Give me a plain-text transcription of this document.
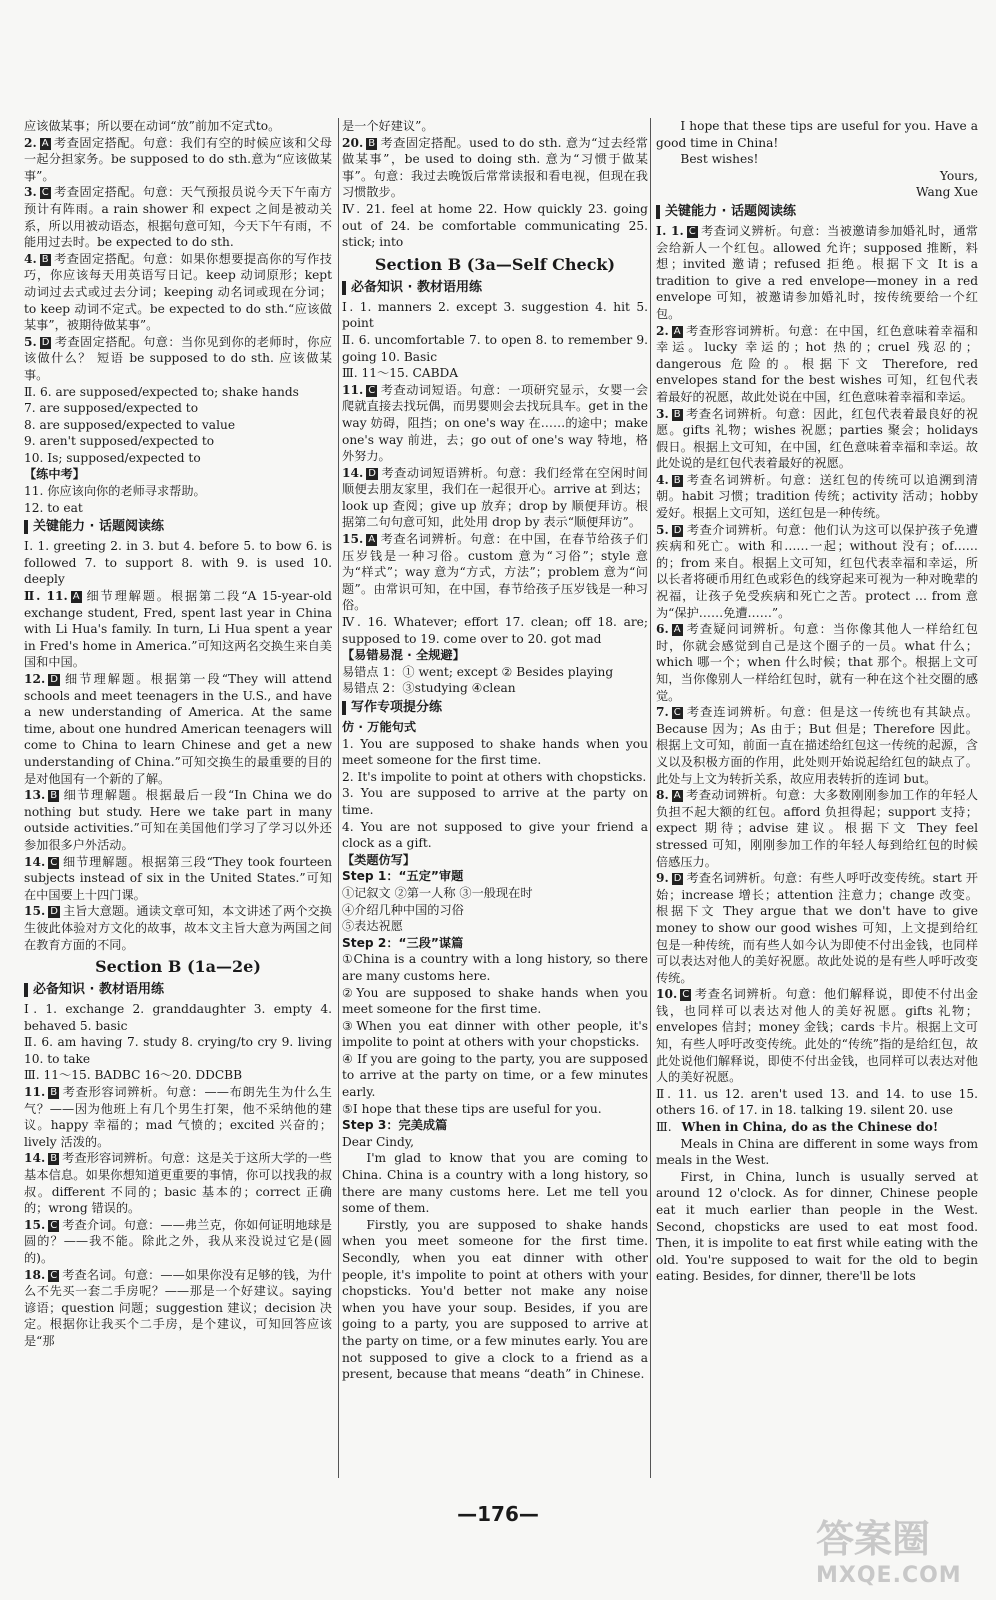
应该做某事；所以要在动词“放”前加不定式to。

2. A 考查固定搭配。句意：我们有空的时候应该和父母一起分担家务。be supposed to do sth.意为“应该做某事”。

3. C 考查固定搭配。句意：天气预报员说今天下午南方预计有阵雨。a rain shower 和 expect 之间是被动关系，所以用被动语态，根据句意可知，今天下午有雨，不能用过去时。be expected to do sth.

4. B 考查固定搭配。句意：如果你想要提高你的写作技巧，你应该每天用英语写日记。keep 动词原形；kept 动词过去式或过去分词；keeping 动名词或现在分词；to keep 动词不定式。be expected to do sth.“应该做某事”，被期待做某事”。

5. D 考查固定搭配。句意：当你见到你的老师时，你应该做什么？ 短语 be supposed to do sth. 应该做某事。

Ⅱ. 6. are supposed/expected to; shake hands

7. are supposed/expected to

8. are supposed/expected to value

9. aren't supposed/expected to

10. Is; supposed/expected to

【练中考】

11. 你应该向你的老师寻求帮助。

12. to eat

关键能力 · 话题阅读练

Ⅰ. 1. greeting 2. in 3. but 4. before 5. to bow 6. is followed 7. to support 8. with 9. is used 10. deeply

Ⅱ. 11. A 细节理解题。根据第二段“A 15-year-old exchange student, Fred, spent last year in China with Li Hua's family. In turn, Li Hua spent a year in Fred's home in America.”可知这两名交换生来自美国和中国。

12. D 细节理解题。根据第一段“They will attend schools and meet teenagers in the U.S., and have a new understanding of America. At the same time, about one hundred American teenagers will come to China to learn Chinese and get a new understanding of China.”可知交换生的最重要的目的是对他国有一个新的了解。

13. B 细节理解题。根据最后一段“In China we do nothing but study. Here we take part in many outside activities.”可知在美国他们学习了学习以外还参加很多户外活动。

14. C 细节理解题。根据第三段“They took fourteen subjects instead of six in the United States.”可知在中国要上十四门课。

15. D 主旨大意题。通读文章可知，本文讲述了两个交换生彼此体验对方文化的故事，故本文主旨大意为两国之间在教育方面的不同。

Section B (1a—2e)
必备知识 · 教材语用练

Ⅰ. 1. exchange 2. granddaughter 3. empty 4. behaved 5. basic

Ⅱ. 6. am having 7. study 8. crying/to cry 9. living 10. to take

Ⅲ. 11～15. BADBC 16～20. DDCBB

11. B 考查形容词辨析。句意：——布朗先生为什么生气？——因为他班上有几个男生打架，他不采纳他的建议。happy 幸福的；mad 气愤的；excited 兴奋的；lively 活泼的。

14. B 考查形容词辨析。句意：这是关于这所大学的一些基本信息。如果你想知道更重要的事情，你可以找我的叔叔。different 不同的；basic 基本的；correct 正确的；wrong 错误的。

15. C 考查介词。句意：——弗兰克，你如何证明地球是圆的？——我不能。除此之外，我从来没说过它是(圆的)。

18. C 考查名词。句意：——如果你没有足够的钱，为什么不先买一套二手房呢？——那是一个好建议。saying 谚语；question 问题；suggestion 建议；decision 决定。根据你让我买个二手房，是个建议，可知回答应该是“那

是一个好建议”。

20. B 考查固定搭配。used to do sth. 意为“过去经常做某事”，be used to doing sth. 意为“习惯于做某事”。句意：我过去晚饭后常常读报和看电视，但现在我习惯散步。

Ⅳ. 21. feel at home 22. How quickly 23. going out of 24. be comfortable communicating 25. stick; into

Section B (3a—Self Check)
必备知识 · 教材语用练

Ⅰ. 1. manners 2. except 3. suggestion 4. hit 5. point

Ⅱ. 6. uncomfortable 7. to open 8. to remember 9. going 10. Basic

Ⅲ. 11～15. CABDA

11. C 考查动词短语。句意：一项研究显示，女婴一会爬就直接去找玩偶，而男婴则会去找玩具车。get in the way 妨碍，阻挡；on one's way 在……的途中；make one's way 前进，去；go out of one's way 特地，格外努力。

14. D 考查动词短语辨析。句意：我们经常在空闲时间顺便去朋友家里，我们在一起很开心。arrive at 到达；look up 查阅；give up 放弃；drop by 顺便拜访。根据第二句句意可知，此处用 drop by 表示“顺便拜访”。

15. A 考查名词辨析。句意：在中国，在春节给孩子们压岁钱是一种习俗。custom 意为“习俗”；style 意为“样式”；way 意为“方式，方法”；problem 意为“问题”。由常识可知，在中国，春节给孩子压岁钱是一种习俗。

Ⅳ. 16. Whatever; effort 17. clean; off 18. are; supposed to 19. come over to 20. got mad

【易错易混 · 全规避】

易错点 1：① went; except ② Besides playing

易错点 2：③studying ④clean

写作专项提分练

仿 · 万能句式

1. You are supposed to shake hands when you meet someone for the first time.

2. It's impolite to point at others with chopsticks.

3. You are supposed to arrive at the party on time.

4. You are not supposed to give your friend a clock as a gift.

【类题仿写】

Step 1：“五定”审题

①记叙文 ②第一人称 ③一般现在时

④介绍几种中国的习俗

⑤表达祝愿

Step 2：“三段”谋篇

①China is a country with a long history, so there are many customs here.

②You are supposed to shake hands when you meet someone for the first time.

③When you eat dinner with other people, it's impolite to point at others with your chopsticks.

④ If you are going to the party, you are supposed to arrive at the party on time, or a few minutes early.

⑤I hope that these tips are useful for you.

Step 3：完美成篇

Dear Cindy,

I'm glad to know that you are coming to China. China is a country with a long history, so there are many customs here. Let me tell you some of them.

Firstly, you are supposed to shake hands when you meet someone for the first time. Secondly, when you eat dinner with other people, it's impolite to point at others with your chopsticks. You'd better not make any noise when you have your soup. Besides, if you are going to a party, you are supposed to arrive at the party on time, or a few minutes early. You are not supposed to give a clock to a friend as a present, because that means “death” in Chinese.

I hope that these tips are useful for you. Have a good time in China!

Best wishes!

Yours,

Wang Xue

关键能力 · 话题阅读练

Ⅰ. 1. C 考查词义辨析。句意：当被邀请参加婚礼时，通常会给新人一个红包。allowed 允许；supposed 推断，料想；invited 邀请；refused 拒绝。根据下文 It is a tradition to give a red envelope—money in a red envelope 可知，被邀请参加婚礼时，按传统要给一个红包。

2. A 考查形容词辨析。句意：在中国，红色意味着幸福和幸运。lucky 幸运的；hot 热的；cruel 残忍的；dangerous 危险的。根据下文 Therefore, red envelopes stand for the best wishes 可知，红包代表着最好的祝愿，故此处说在中国，红色意味着幸福和幸运。

3. B 考查名词辨析。句意：因此，红包代表着最良好的祝愿。gifts 礼物；wishes 祝愿；parties 聚会；holidays 假日。根据上文可知，在中国，红色意味着幸福和幸运。故此处说的是红包代表着最好的祝愿。

4. B 考查名词辨析。句意：送红包的传统可以追溯到清朝。habit 习惯；tradition 传统；activity 活动；hobby 爱好。根据上文可知，送红包是一种传统。

5. D 考查介词辨析。句意：他们认为这可以保护孩子免遭疾病和死亡。with 和……一起；without 没有；of……的；from 来自。根据上文可知，红包代表幸福和幸运，所以长者将硬币用红色或彩色的线穿起来可视为一种对晚辈的祝福，让孩子免受疾病和死亡之苦。protect … from 意为“保护……免遭……”。

6. A 考查疑问词辨析。句意：当你像其他人一样给红包时，你就会感觉到自己是这个圈子的一员。what 什么；which 哪一个；when 什么时候；that 那个。根据上文可知，当你像别人一样给红包时，就有一种在这个社交圈的感觉。

7. C 考查连词辨析。句意：但是这一传统也有其缺点。Because 因为；As 由于；But 但是；Therefore 因此。根据上文可知，前面一直在描述给红包这一传统的起源，含义以及积极方面的作用，此处则开始说起给红包的缺点了。此处与上文为转折关系，故应用表转折的连词 but。

8. A 考查动词辨析。句意：大多数刚刚参加工作的年轻人负担不起大额的红包。afford 负担得起；support 支持；expect 期待；advise 建议。根据下文 They feel stressed 可知，刚刚参加工作的年轻人每到给红包的时候倍感压力。

9. D 考查名词辨析。句意：有些人呼吁改变传统。start 开始；increase 增长；attention 注意力；change 改变。根据下文 They argue that we don't have to give money to show our good wishes 可知，上文提到给红包是一种传统，而有些人如今认为即使不付出金钱，也同样可以表达对他人的美好祝愿。故此处说的是有些人呼吁改变传统。

10. C 考查名词辨析。句意：他们解释说，即使不付出金钱，也同样可以表达对他人的美好祝愿。gifts 礼物；envelopes 信封；money 金钱；cards 卡片。根据上文可知，有些人呼吁改变传统。此处的“传统”指的是给红包，故此处说他们解释说，即使不付出金钱，也同样可以表达对他人的美好祝愿。

Ⅱ. 11. us 12. aren't used 13. and 14. to use 15. others 16. of 17. in 18. talking 19. silent 20. use

Ⅲ. When in China, do as the Chinese do!

Meals in China are different in some ways from meals in the West.

First, in China, lunch is usually served at around 12 o'clock. As for dinner, Chinese people eat it much earlier than people in the West. Second, chopsticks are used to eat most food. Then, it is impolite to eat first while eating with the old. You're supposed to wait for the old to begin eating. Besides, for dinner, there'll be lots

—176—
答案圈
MXQE.COM
